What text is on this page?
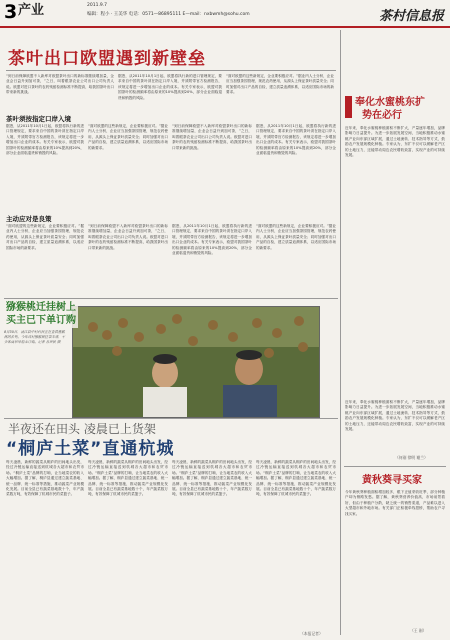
3 产业	2011.9.7
编辑：程小 · 王美华 电话：0571—86895111 E—mail：nxbwmh@sohu.com	茶村信息报
茶叶出口欧盟遇到新壁垒
“到日前保障欧盟不入新库对欧盟茶叶出口的新标准继续增加量，企业会日益升到加可茶，”之日，叫着眼茶农业公司出口公司负责人说。欧盟对进口茶叶的农药残留检测标准不断提高，给我国茶叶出口带来新的挑战。
据悉，从2011年10月1日起，欧盟将执行新的进口管理规定，要求来自中国的茶叶须在指定口岸入境，并须附带官方检测报告，该规定将进一步增加出口企业的成本。有关专家表示，欧盟对我国茶叶的检测频率将由原来的10%提高到20%，部分企业面临退货和销毁的风险。
“面对欧盟的这些新规定，企业要积极应对。”据业内人士分析，企业应当加强茶园管理，规范农药使用，从源头上保证茶叶质量安全；同时加强对出口产品的自检，建立质量追溯体系，以适应国际市场的新要求。
茶叶须按指定口岸入境
据悉，从2011年10月1日起，欧盟将执行新的进口管理规定，要求来自中国的茶叶须在指定口岸入境，并须附带官方检测报告，该规定将进一步增加出口企业的成本。有关专家表示，欧盟对我国茶叶的检测频率将由原来的10%提高到20%，部分企业面临退货和销毁的风险。
“面对欧盟的这些新规定，企业要积极应对。”据业内人士分析，企业应当加强茶园管理，规范农药使用，从源头上保证茶叶质量安全；同时加强对出口产品的自检，建立质量追溯体系，以适应国际市场的新要求。
“到日前保障欧盟不入新库对欧盟茶叶出口的新标准继续增加量，企业会日益升到加可茶，”之日，叫着眼茶农业公司出口公司负责人说。欧盟对进口茶叶的农药残留检测标准不断提高，给我国茶叶出口带来新的挑战。
据悉，从2011年10月1日起，欧盟将执行新的进口管理规定，要求来自中国的茶叶须在指定口岸入境，并须附带官方检测报告，该规定将进一步增加出口企业的成本。有关专家表示，欧盟对我国茶叶的检测频率将由原来的10%提高到20%，部分企业面临退货和销毁的风险。
主动应对是良策
“面对欧盟的这些新规定，企业要积极应对。”据业内人士分析，企业应当加强茶园管理，规范农药使用，从源头上保证茶叶质量安全；同时加强对出口产品的自检，建立质量追溯体系，以适应国际市场的新要求。
“到日前保障欧盟不入新库对欧盟茶叶出口的新标准继续增加量，企业会日益升到加可茶，”之日，叫着眼茶农业公司出口公司负责人说。欧盟对进口茶叶的农药残留检测标准不断提高，给我国茶叶出口带来新的挑战。
据悉，从2011年10月1日起，欧盟将执行新的进口管理规定，要求来自中国的茶叶须在指定口岸入境，并须附带官方检测报告，该规定将进一步增加出口企业的成本。有关专家表示，欧盟对我国茶叶的检测频率将由原来的10%提高到20%，部分企业面临退货和销毁的风险。
“面对欧盟的这些新规定，企业要积极应对。”据业内人士分析，企业应当加强茶园管理，规范农药使用，从源头上保证茶叶质量安全；同时加强对出口产品的自检，建立质量追溯体系，以适应国际市场的新要求。
奉化水蜜桃东扩
势在必行
近年来，奉化水蜜桃种植面积不断扩大，产量逐年增加，品牌影响力日益提升。为进一步拓展发展空间，当地积极推动水蜜桃产业向东部区域扩展，通过土地流转、技术指导等方式，鼓励农户发展规模化种植。专家认为，东扩不仅可以缓解老产区的土地压力，还能带动周边农民增收致富，实现产业的可持续发展。
近年来，奉化水蜜桃种植面积不断扩大，产量逐年增加，品牌影响力日益提升。为进一步拓展发展空间，当地积极推动水蜜桃产业向东部区域扩展，通过土地流转、技术指导等方式，鼓励农户发展规模化种植。专家认为，东扩不仅可以缓解老产区的土地压力，还能带动周边农民增收致富，实现产业的可持续发展。
（何刚 徐明 谢兰）
黄秋葵寻买家
今年黄秋葵种植面积增加较多，眼下正值采收旺季，部分种植户却为销路发愁。据了解，黄秋葵营养价值高，市场前景看好，但由于种植户分散，缺乏统一的销售渠道，产品难以进入大型超市和外地市场。有关部门正积极牵线搭桥，帮助农户寻找买家。
（王 刚）
猕猴桃迁挂树上
买主已下单订购
8月30日，浦江县中村村民正在查看猕猴桃的长势。今年该村猕猴桃挂果丰盛，不少客商早早前来订购。记者 苏世民 摄
半夜还在田头 凌晨已上货架
“桐庐土菜”直通杭城
每天凌晨，新鲜的蔬菜从桐庐的田间地头出发，经过冷链运输直接送到杭城各大超市和农贸市场。“桐庐土菜”品牌的打响，让当地菜农的收入大幅增加。据了解，桐庐县通过建立蔬菜基地、统一品牌、统一标准等措施，推动蔬菜产业规模化发展。目前全县已有蔬菜基地数十个，年产蔬菜数万吨，有效保障了杭城市民的菜篮子。
每天凌晨，新鲜的蔬菜从桐庐的田间地头出发，经过冷链运输直接送到杭城各大超市和农贸市场。“桐庐土菜”品牌的打响，让当地菜农的收入大幅增加。据了解，桐庐县通过建立蔬菜基地、统一品牌、统一标准等措施，推动蔬菜产业规模化发展。目前全县已有蔬菜基地数十个，年产蔬菜数万吨，有效保障了杭城市民的菜篮子。
每天凌晨，新鲜的蔬菜从桐庐的田间地头出发，经过冷链运输直接送到杭城各大超市和农贸市场。“桐庐土菜”品牌的打响，让当地菜农的收入大幅增加。据了解，桐庐县通过建立蔬菜基地、统一品牌、统一标准等措施，推动蔬菜产业规模化发展。目前全县已有蔬菜基地数十个，年产蔬菜数万吨，有效保障了杭城市民的菜篮子。
每天凌晨，新鲜的蔬菜从桐庐的田间地头出发，经过冷链运输直接送到杭城各大超市和农贸市场。“桐庐土菜”品牌的打响，让当地菜农的收入大幅增加。据了解，桐庐县通过建立蔬菜基地、统一品牌、统一标准等措施，推动蔬菜产业规模化发展。目前全县已有蔬菜基地数十个，年产蔬菜数万吨，有效保障了杭城市民的菜篮子。
（本报记者）
